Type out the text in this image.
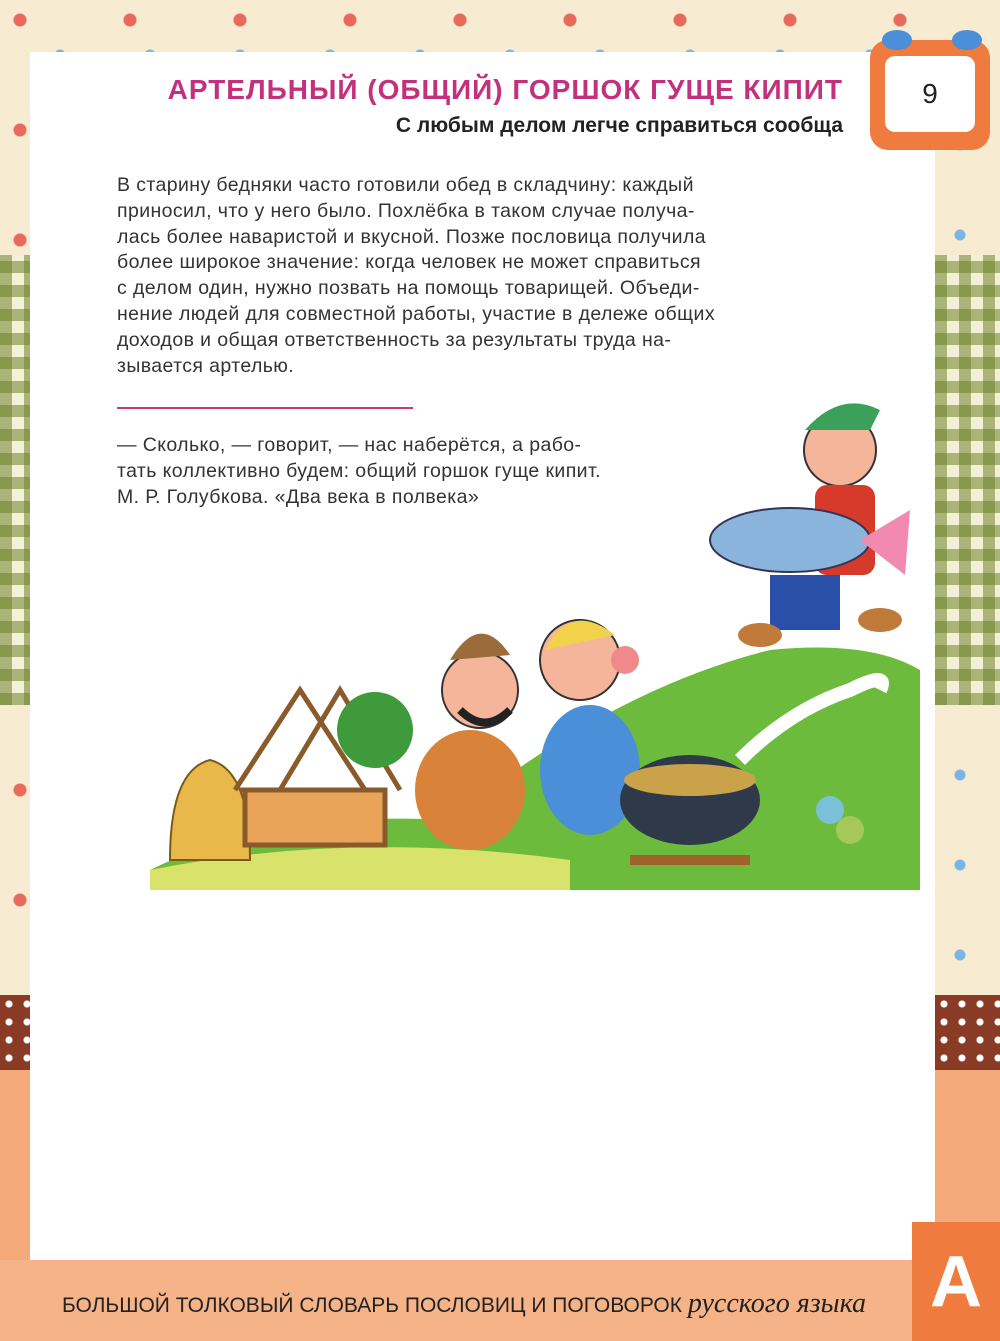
9
АРТЕЛЬНЫЙ (ОБЩИЙ) ГОРШОК ГУЩЕ КИПИТ
С любым делом легче справиться сообща
В старину бедняки часто готовили обед в складчину: каждый
приносил, что у него было. Похлёбка в таком случае получа-
лась более наваристой и вкусной. Позже пословица получила
более широкое значение: когда человек не может справиться
с делом один, нужно позвать на помощь товарищей. Объеди-
нение людей для совместной работы, участие в дележе общих
доходов и общая ответственность за результаты труда на-
зывается артелью.
— Сколько, — говорит, — нас наберётся, а рабо-
тать коллективно будем: общий горшок гуще кипит.
М. Р. Голубкова. «Два века в полвека»
БОЛЬШОЙ ТОЛКОВЫЙ СЛОВАРЬ ПОСЛОВИЦ И ПОГОВОРОК русского языка А
